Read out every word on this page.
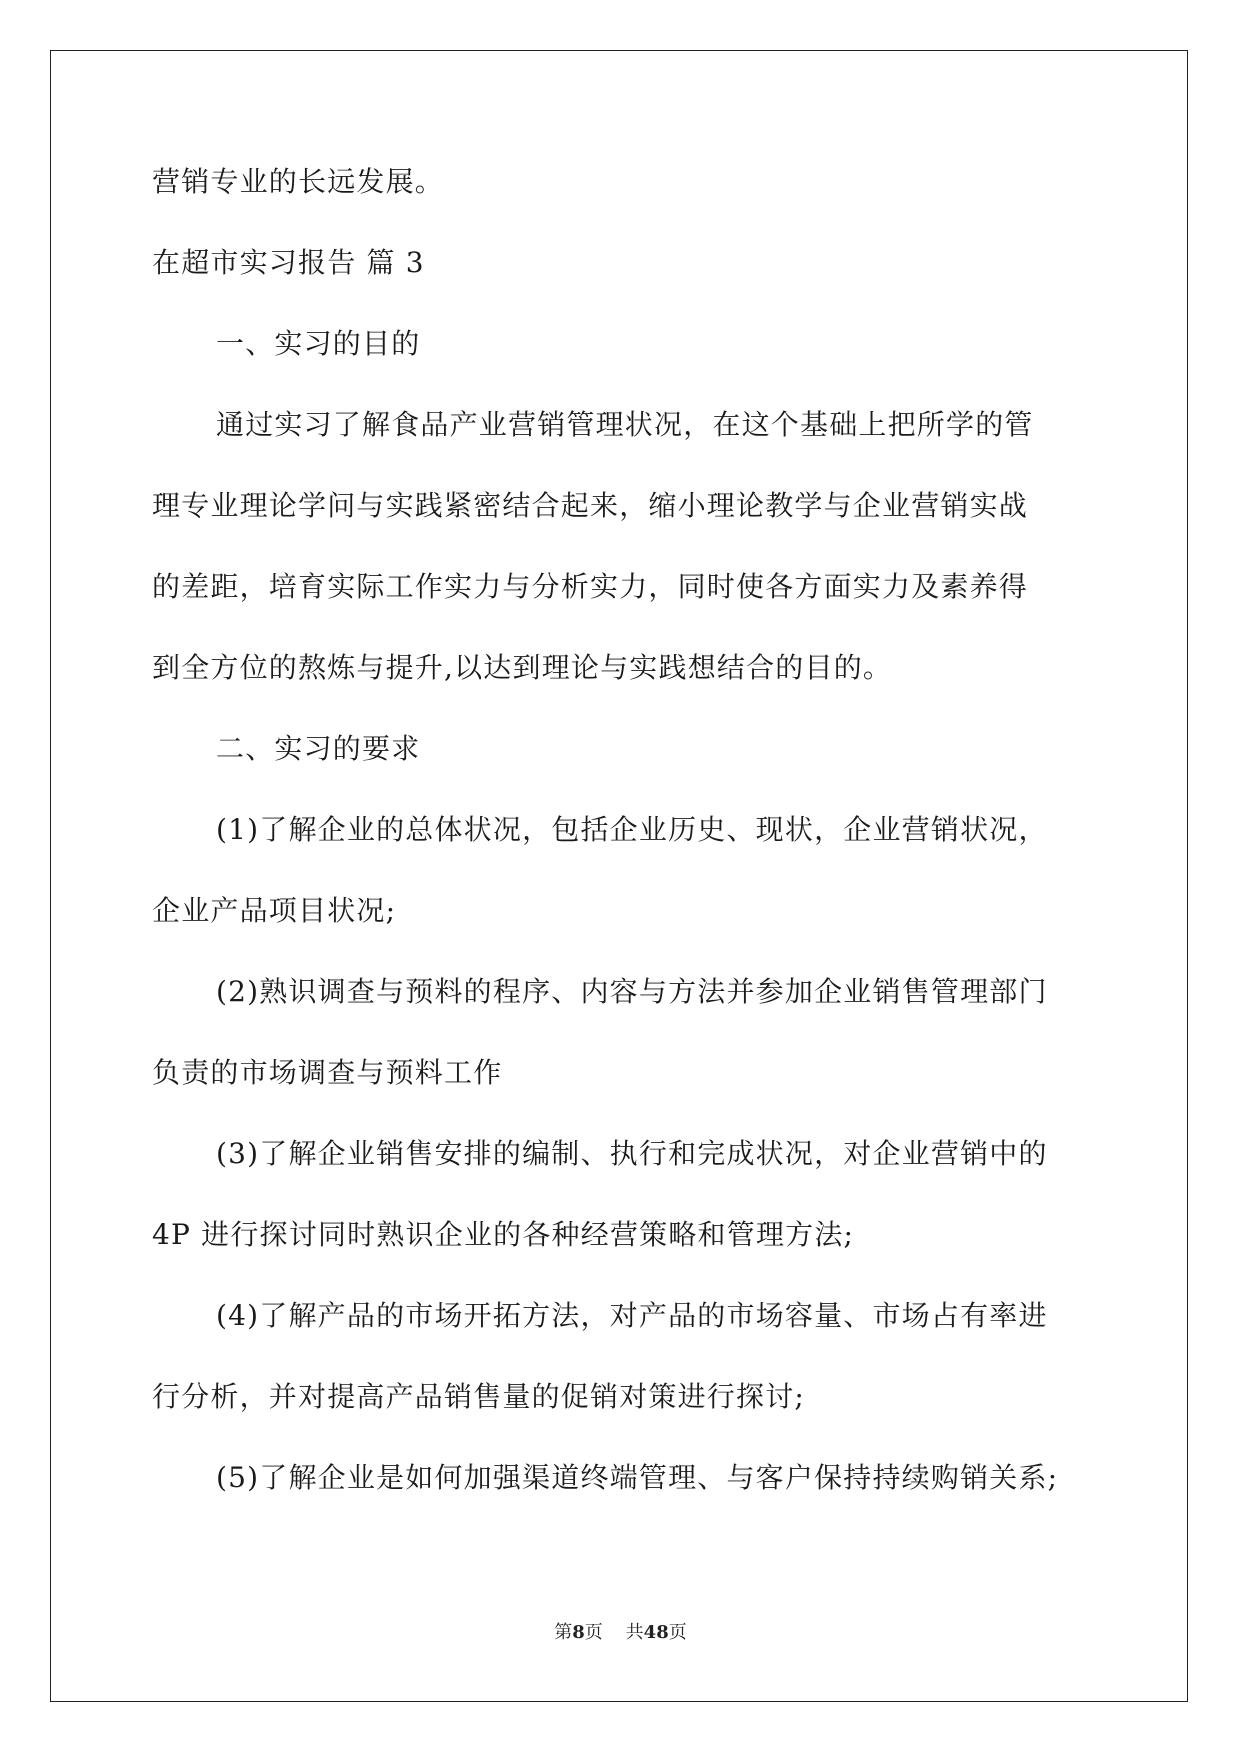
营销专业的长远发展。
在超市实习报告 篇 3
一、实习的目的
通过实习了解食品产业营销管理状况，在这个基础上把所学的管
理专业理论学问与实践紧密结合起来，缩小理论教学与企业营销实战
的差距，培育实际工作实力与分析实力，同时使各方面实力及素养得
到全方位的熬炼与提升,以达到理论与实践想结合的目的。
二、实习的要求
(1)了解企业的总体状况，包括企业历史、现状，企业营销状况，
企业产品项目状况;
(2)熟识调查与预料的程序、内容与方法并参加企业销售管理部门
负责的市场调查与预料工作
(3)了解企业销售安排的编制、执行和完成状况，对企业营销中的
4P 进行探讨同时熟识企业的各种经营策略和管理方法;
(4)了解产品的市场开拓方法，对产品的市场容量、市场占有率进
行分析，并对提高产品销售量的促销对策进行探讨;
(5)了解企业是如何加强渠道终端管理、与客户保持持续购销关系;
第8页 共48页
